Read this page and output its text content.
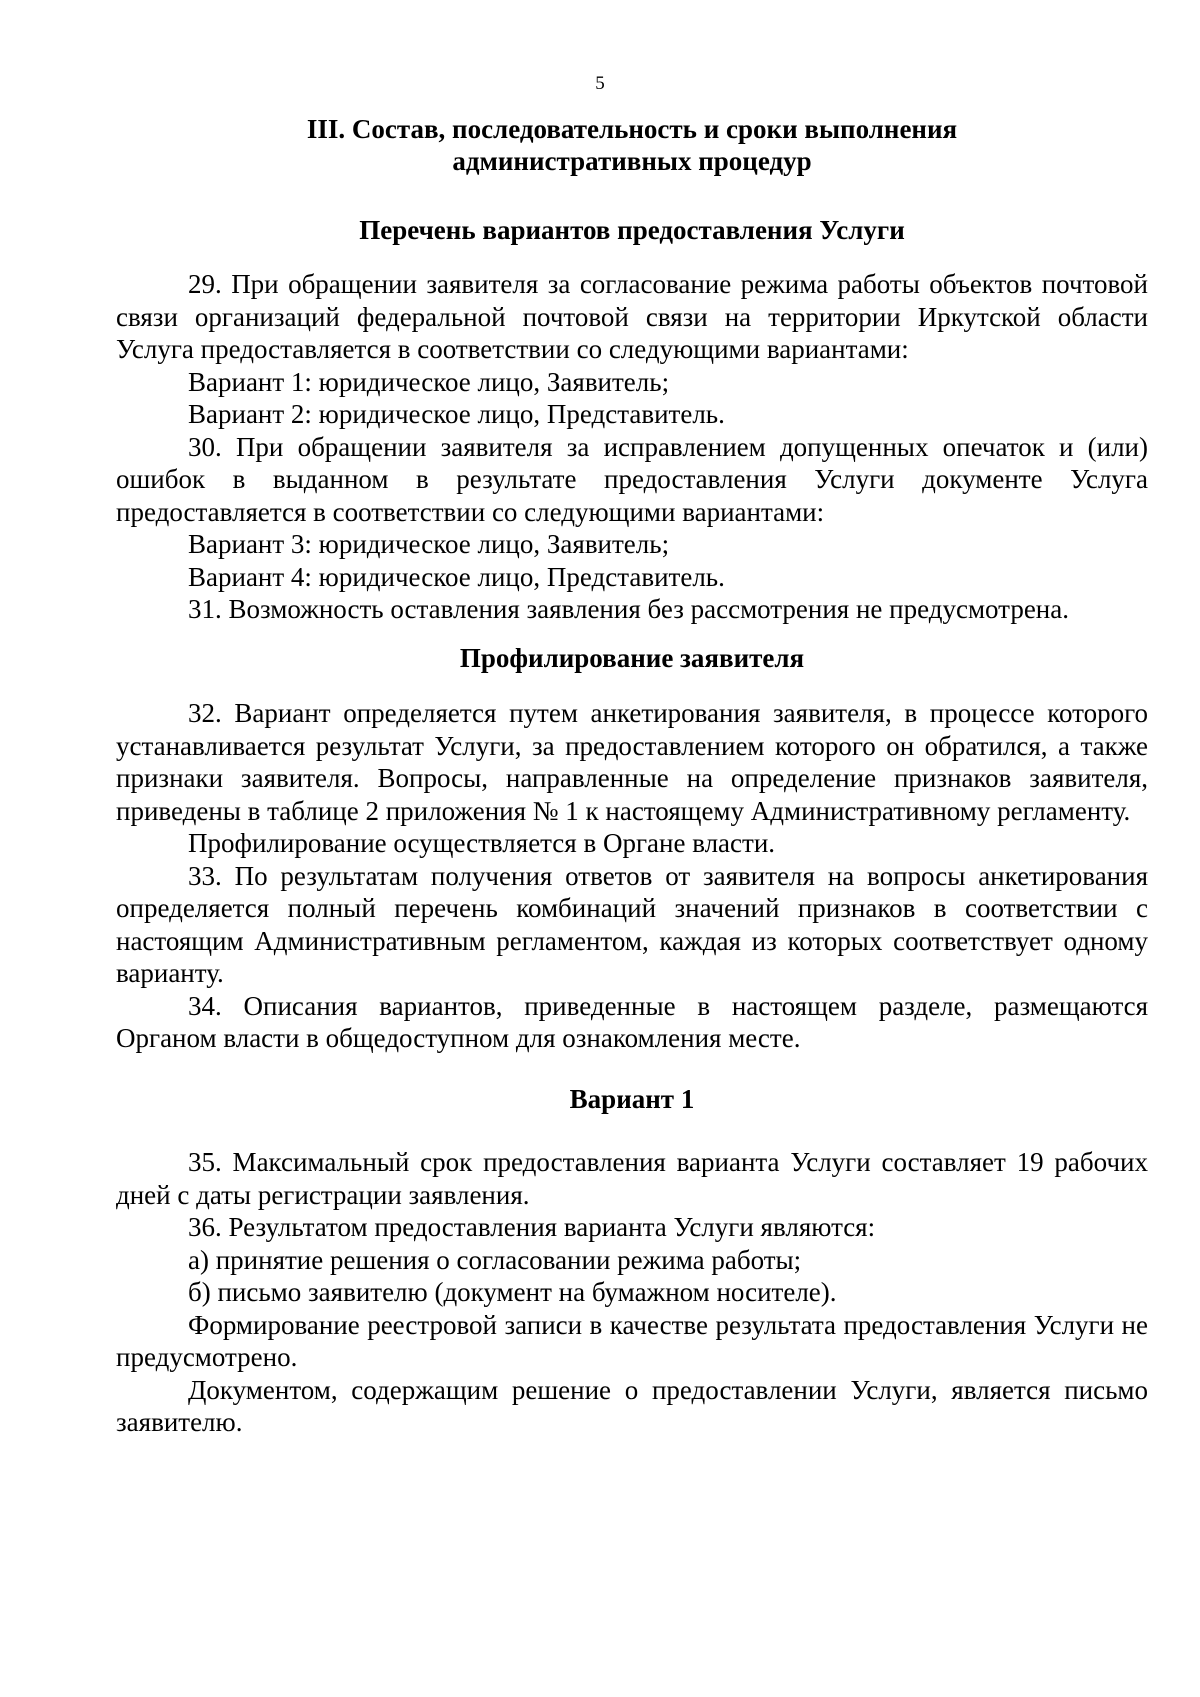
5
III. Состав, последовательность и сроки выполнения административных процедур
Перечень вариантов предоставления Услуги

29. При обращении заявителя за согласование режима работы объектов почтовой связи организаций федеральной почтовой связи на территории Иркутской области Услуга предоставляется в соответствии со следующими вариантами:

Вариант 1: юридическое лицо, Заявитель;

Вариант 2: юридическое лицо, Представитель.

30. При обращении заявителя за исправлением допущенных опечаток и (или) ошибок в выданном в результате предоставления Услуги документе Услуга предоставляется в соответствии со следующими вариантами:

Вариант 3: юридическое лицо, Заявитель;

Вариант 4: юридическое лицо, Представитель.

31. Возможность оставления заявления без рассмотрения не предусмотрена.

Профилирование заявителя

32. Вариант определяется путем анкетирования заявителя, в процессе которого устанавливается результат Услуги, за предоставлением которого он обратился, а также признаки заявителя. Вопросы, направленные на определение признаков заявителя, приведены в таблице 2 приложения № 1 к настоящему Административному регламенту.

Профилирование осуществляется в Органе власти.

33. По результатам получения ответов от заявителя на вопросы анкетирования определяется полный перечень комбинаций значений признаков в соответствии с настоящим Административным регламентом, каждая из которых соответствует одному варианту.

34. Описания вариантов, приведенные в настоящем разделе, размещаются Органом власти в общедоступном для ознакомления месте.

Вариант 1

35. Максимальный срок предоставления варианта Услуги составляет 19 рабочих дней с даты регистрации заявления.

36. Результатом предоставления варианта Услуги являются:

а) принятие решения о согласовании режима работы;

б) письмо заявителю (документ на бумажном носителе).

Формирование реестровой записи в качестве результата предоставления Услуги не предусмотрено.

Документом, содержащим решение о предоставлении Услуги, является письмо заявителю.
